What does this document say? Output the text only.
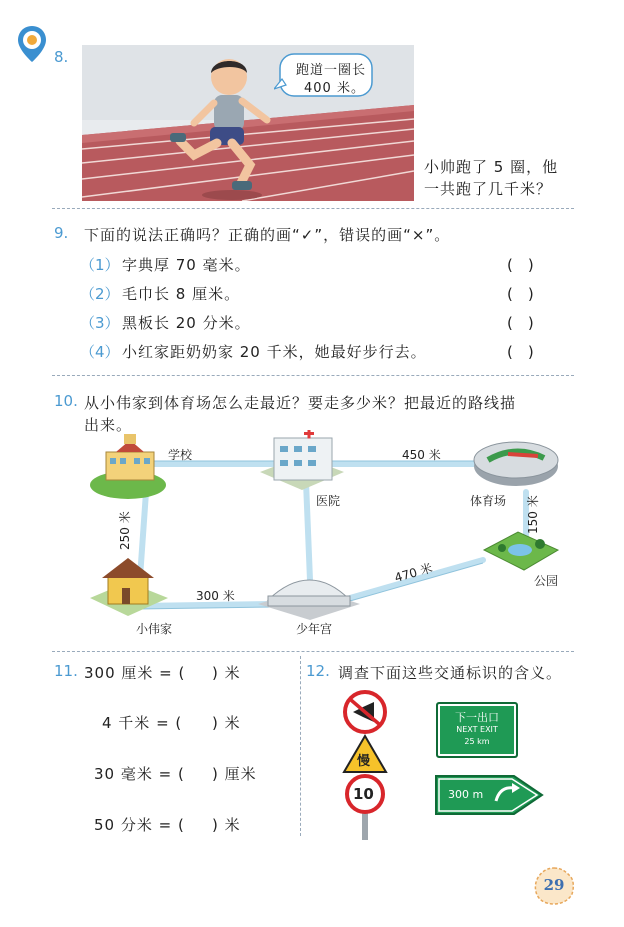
8.
跑道一圈长
400 米。
小帅跑了 5 圈，他
一共跑了几千米？
9. 下面的说法正确吗？正确的画“✓”，错误的画“×”。
（1） 字典厚 70 毫米。	(　)
（2） 毛巾长 8 厘米。	(　)
（3） 黑板长 20 分米。	(　)
（4） 小红家距奶奶家 20 千米，她最好步行去。	(　)
10. 从小伟家到体育场怎么走最近？要走多少米？把最近的路线描
出来。
学校
医院	体育场
公园
小伟家	少年宫
450 米
150 米
250 米
300 米
470 米
11. 300 厘米 = ( ) 米
4 千米 = ( ) 米
30 毫米 = ( ) 厘米
50 分米 = ( ) 米
12. 调查下面这些交通标识的含义。
慢
10
下一出口
NEXT EXIT
25 km
300 m
29
